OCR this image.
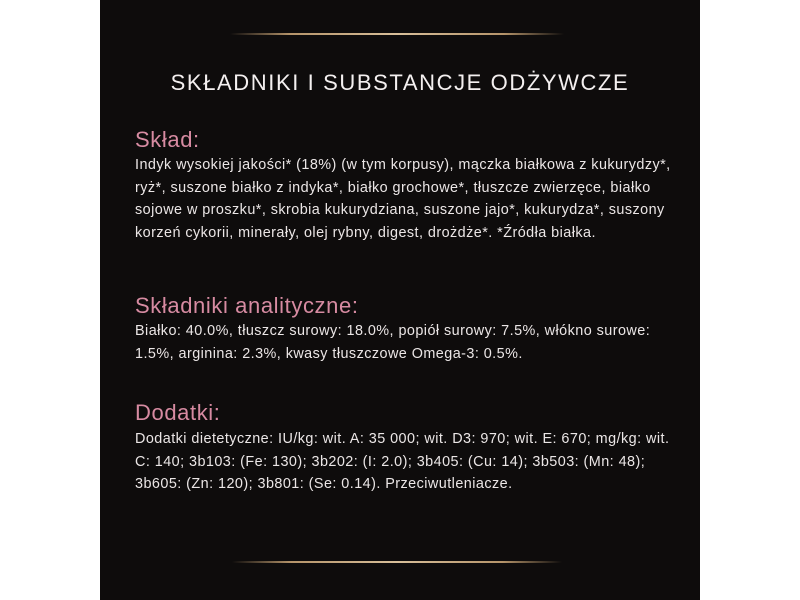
SKŁADNIKI I SUBSTANCJE ODŻYWCZE
Skład:
Indyk wysokiej jakości* (18%) (w tym korpusy), mączka białkowa z kukurydzy*, ryż*, suszone białko z indyka*, białko grochowe*, tłuszcze zwierzęce, białko sojowe w proszku*, skrobia kukurydziana, suszone jajo*, kukurydza*, suszony korzeń cykorii, minerały, olej rybny, digest, drożdże*. *Źródła białka.
Składniki analityczne:
Białko: 40.0%, tłuszcz surowy: 18.0%, popiół surowy: 7.5%, włókno surowe: 1.5%, arginina: 2.3%, kwasy tłuszczowe Omega-3: 0.5%.
Dodatki:
Dodatki dietetyczne: IU/kg: wit. A: 35 000; wit. D3: 970; wit. E: 670; mg/kg: wit. C: 140; 3b103: (Fe: 130); 3b202: (I: 2.0); 3b405: (Cu: 14); 3b503: (Mn: 48); 3b605: (Zn: 120); 3b801: (Se: 0.14). Przeciwutleniacze.
